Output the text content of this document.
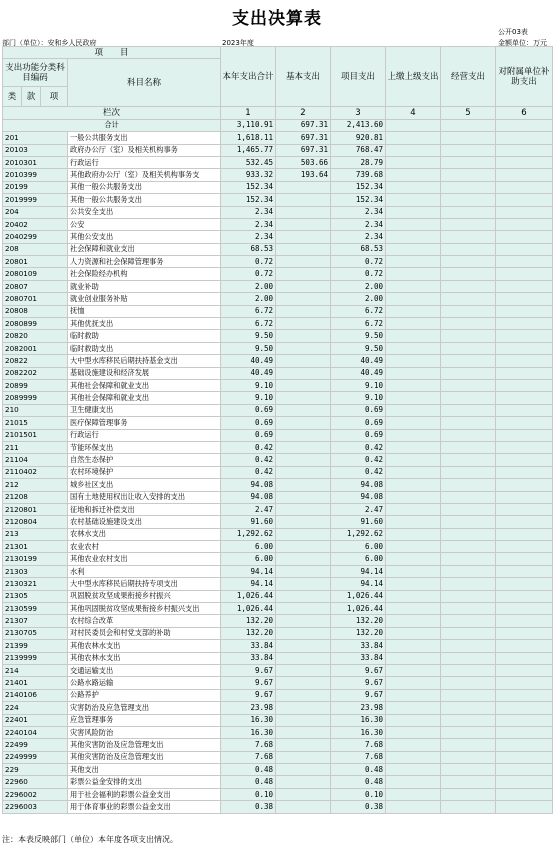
支出决算表
公开03表
部门（单位）：安和乡人民政府	2023年度	金额单位：万元
项　　目				本年支出合计	基本支出	项目支出	上缴上级支出	经营支出	对附属单位补助支出
支出功能分类科目编码			科目名称						
类	款	项							
栏次				1	2	3	4	5	6
合计				3,110.91	697.31	2,413.60			
201			一般公共服务支出	1,618.11	697.31	920.81			
20103			政府办公厅（室）及相关机构事务	1,465.77	697.31	768.47			
2010301			行政运行	532.45	503.66	28.79			
2010399			其他政府办公厅（室）及相关机构事务支	933.32	193.64	739.68			
20199			其他一般公共服务支出	152.34		152.34			
2019999			其他一般公共服务支出	152.34		152.34			
204			公共安全支出	2.34		2.34			
20402			公安	2.34		2.34			
2040299			其他公安支出	2.34		2.34			
208			社会保障和就业支出	68.53		68.53			
20801			人力资源和社会保障管理事务	0.72		0.72			
2080109			社会保险经办机构	0.72		0.72			
20807			就业补助	2.00		2.00			
2080701			就业创业服务补贴	2.00		2.00			
20808			抚恤	6.72		6.72			
2080899			其他优抚支出	6.72		6.72			
20820			临时救助	9.50		9.50			
2082001			临时救助支出	9.50		9.50			
20822			大中型水库移民后期扶持基金支出	40.49		40.49			
2082202			基础设施建设和经济发展	40.49		40.49			
20899			其他社会保障和就业支出	9.10		9.10			
2089999			其他社会保障和就业支出	9.10		9.10			
210			卫生健康支出	0.69		0.69			
21015			医疗保障管理事务	0.69		0.69			
2101501			行政运行	0.69		0.69			
211			节能环保支出	0.42		0.42			
21104			自然生态保护	0.42		0.42			
2110402			农村环境保护	0.42		0.42			
212			城乡社区支出	94.08		94.08			
21208			国有土地使用权出让收入安排的支出	94.08		94.08			
2120801			征地和拆迁补偿支出	2.47		2.47			
2120804			农村基础设施建设支出	91.60		91.60			
213			农林水支出	1,292.62		1,292.62			
21301			农业农村	6.00		6.00			
2130199			其他农业农村支出	6.00		6.00			
21303			水利	94.14		94.14			
2130321			大中型水库移民后期扶持专项支出	94.14		94.14			
21305			巩固脱贫攻坚成果衔接乡村振兴	1,026.44		1,026.44			
2130599			其他巩固脱贫攻坚成果衔接乡村振兴支出	1,026.44		1,026.44			
21307			农村综合改革	132.20		132.20			
2130705			对村民委员会和村党支部的补助	132.20		132.20			
21399			其他农林水支出	33.84		33.84			
2139999			其他农林水支出	33.84		33.84			
214			交通运输支出	9.67		9.67			
21401			公路水路运输	9.67		9.67			
2140106			公路养护	9.67		9.67			
224			灾害防治及应急管理支出	23.98		23.98			
22401			应急管理事务	16.30		16.30			
2240104			灾害风险防治	16.30		16.30			
22499			其他灾害防治及应急管理支出	7.68		7.68			
2249999			其他灾害防治及应急管理支出	7.68		7.68			
229			其他支出	0.48		0.48			
22960			彩票公益金安排的支出	0.48		0.48			
2296002			用于社会福利的彩票公益金支出	0.10		0.10			
2296003			用于体育事业的彩票公益金支出	0.38		0.38			
注：本表反映部门（单位）本年度各项支出情况。
